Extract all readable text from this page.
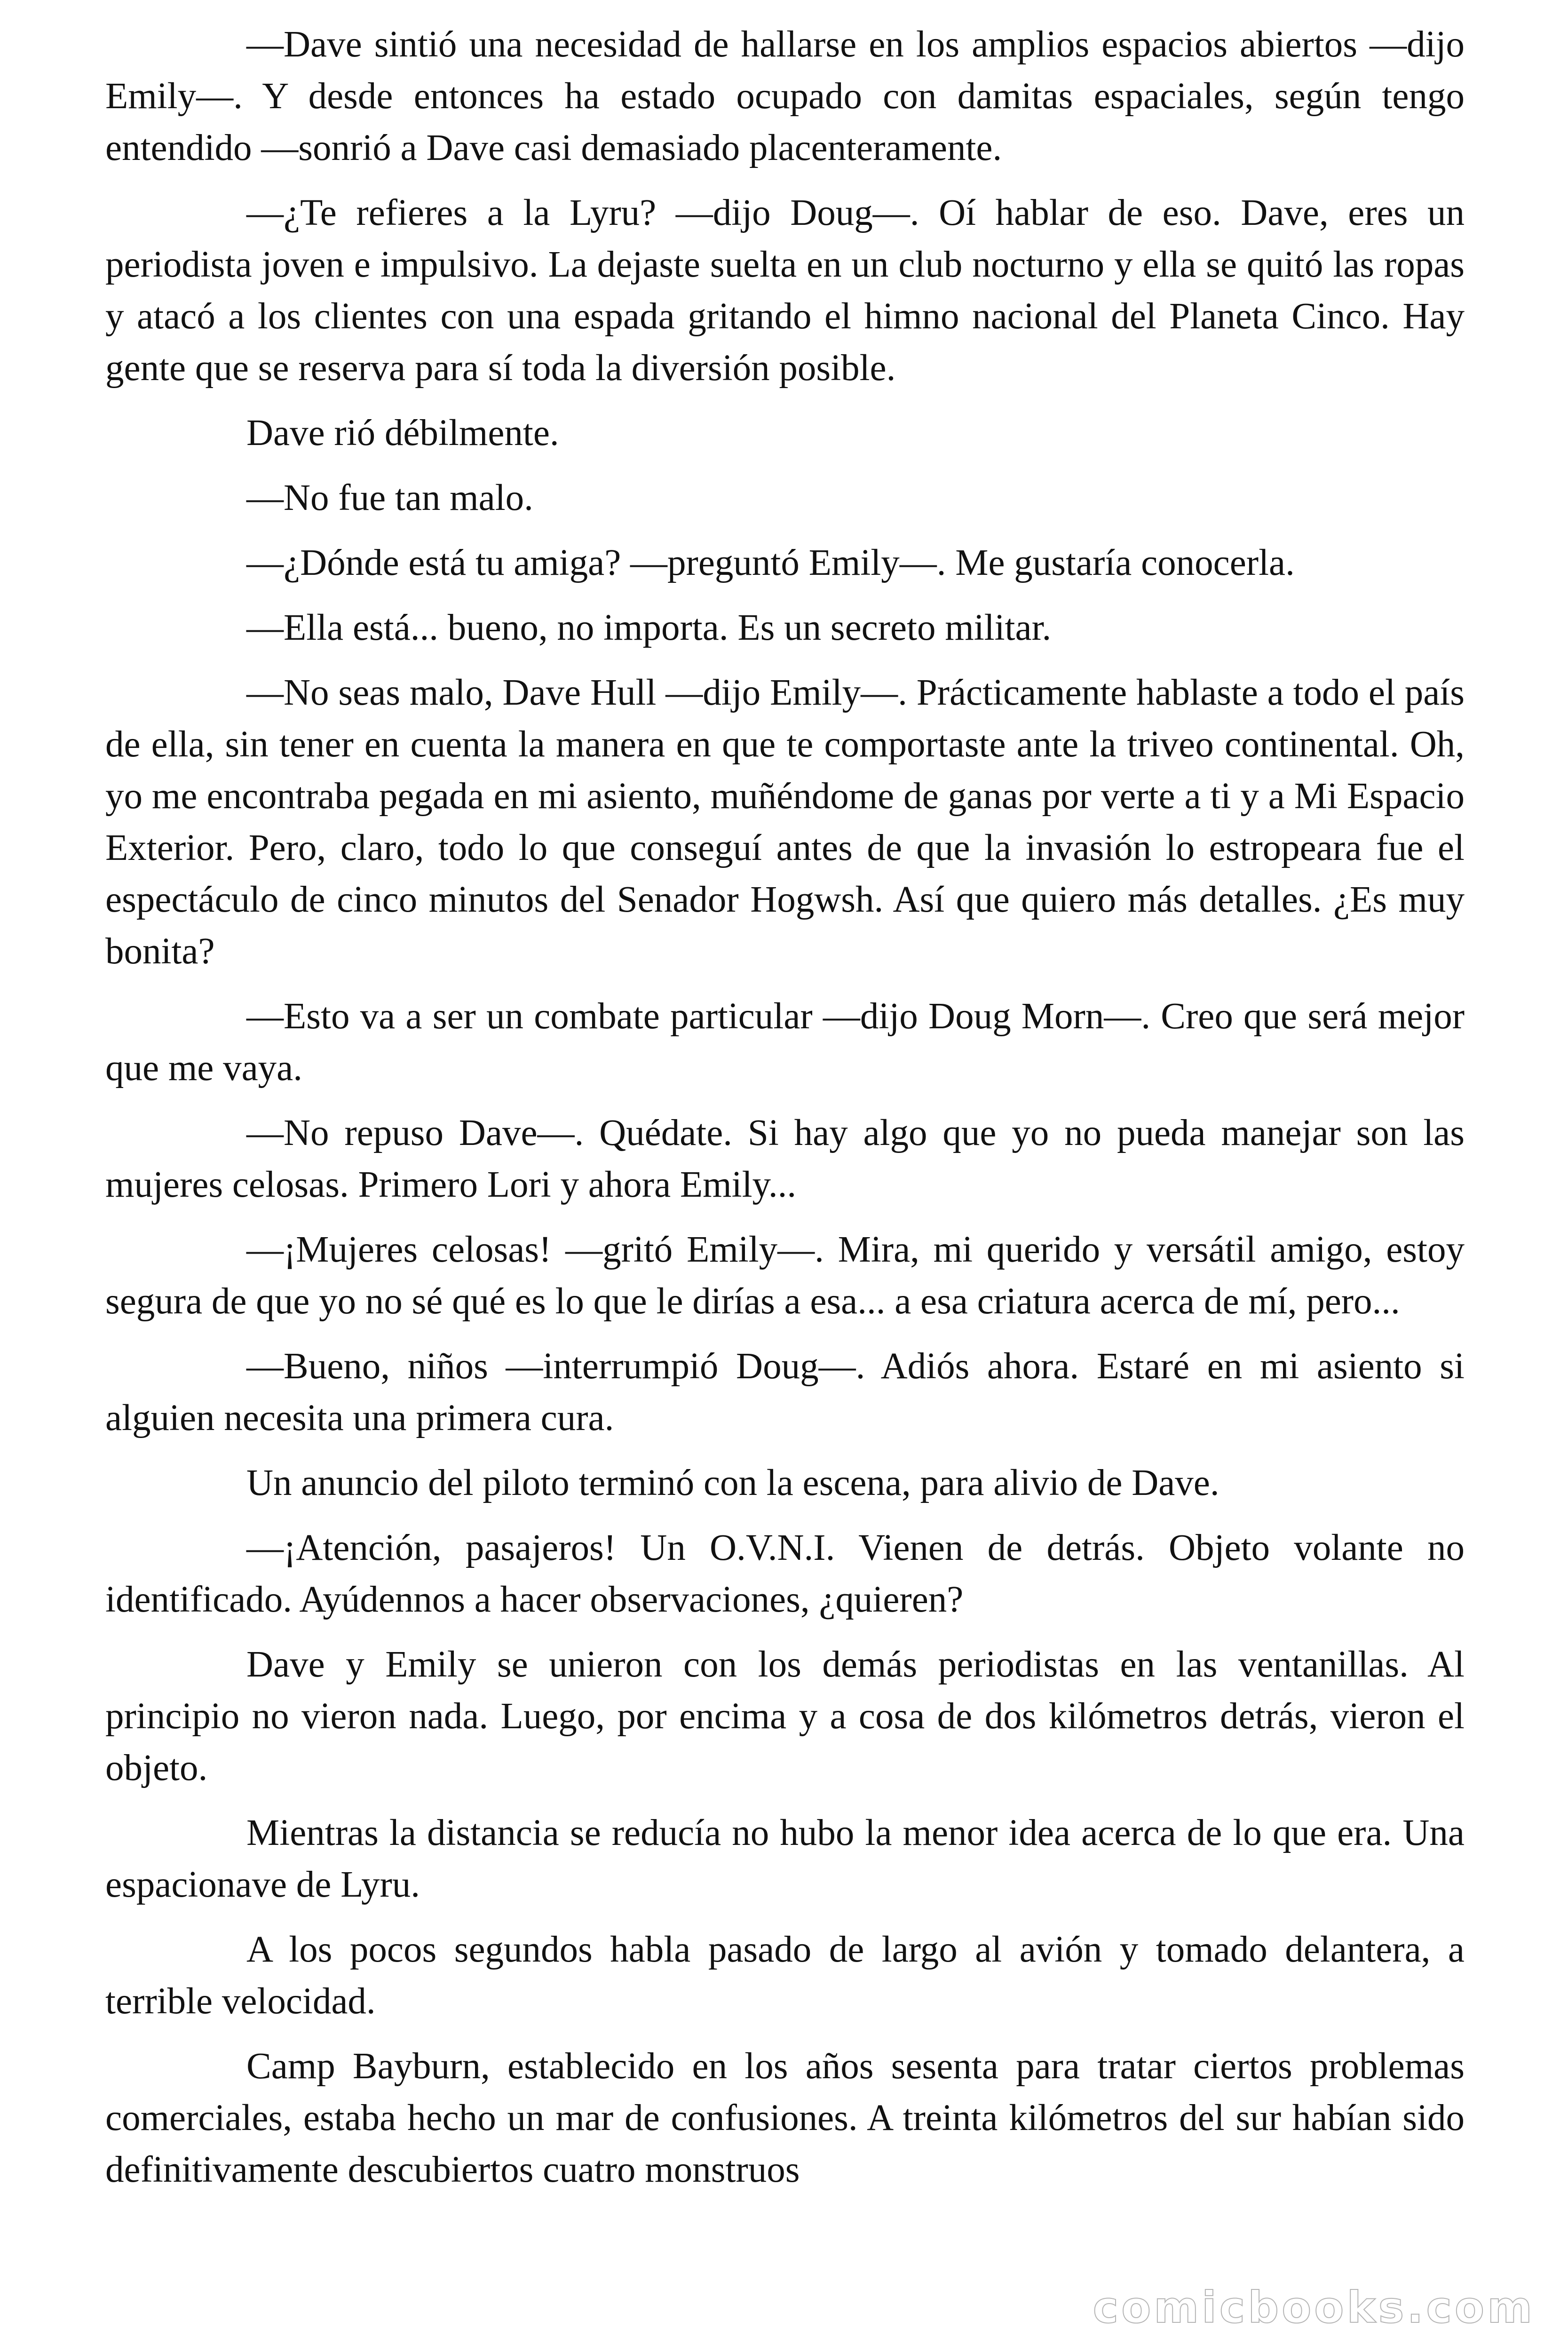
—Dave sintió una necesidad de hallarse en los amplios espacios abiertos —dijo Emily—. Y desde entonces ha estado ocupado con damitas espaciales, según tengo entendido —sonrió a Dave casi demasiado placenteramente.

—¿Te refieres a la Lyru? —dijo Doug—. Oí hablar de eso. Dave, eres un periodista joven e impulsivo. La dejaste suelta en un club nocturno y ella se quitó las ropas y atacó a los clientes con una espada gritando el himno nacional del Planeta Cinco. Hay gente que se reserva para sí toda la diversión posible.

Dave rió débilmente.

—No fue tan malo.

—¿Dónde está tu amiga? —preguntó Emily—. Me gustaría conocerla.

—Ella está... bueno, no importa. Es un secreto militar.

—No seas malo, Dave Hull —dijo Emily—. Prácticamente hablaste a todo el país de ella, sin tener en cuenta la manera en que te comportaste ante la triveo continental. Oh, yo me encontraba pegada en mi asiento, muñéndome de ganas por verte a ti y a Mi Espacio Exterior. Pero, claro, todo lo que conseguí antes de que la invasión lo estropeara fue el espectáculo de cinco minutos del Senador Hogwsh. Así que quiero más detalles. ¿Es muy bonita?

—Esto va a ser un combate particular —dijo Doug Morn—. Creo que será mejor que me vaya.

—No repuso Dave—. Quédate. Si hay algo que yo no pueda manejar son las mujeres celosas. Primero Lori y ahora Emily...

—¡Mujeres celosas! —gritó Emily—. Mira, mi querido y versátil amigo, estoy segura de que yo no sé qué es lo que le dirías a esa... a esa criatura acerca de mí, pero...

—Bueno, niños —interrumpió Doug—. Adiós ahora. Estaré en mi asiento si alguien necesita una primera cura.

Un anuncio del piloto terminó con la escena, para alivio de Dave.

—¡Atención, pasajeros! Un O.V.N.I. Vienen de detrás. Objeto volante no identificado. Ayúdennos a hacer observaciones, ¿quieren?

Dave y Emily se unieron con los demás periodistas en las ventanillas. Al principio no vieron nada. Luego, por encima y a cosa de dos kilómetros detrás, vieron el objeto.

Mientras la distancia se reducía no hubo la menor idea acerca de lo que era. Una espacionave de Lyru.

A los pocos segundos habla pasado de largo al avión y tomado delantera, a terrible velocidad.

Camp Bayburn, establecido en los años sesenta para tratar ciertos problemas comerciales, estaba hecho un mar de confusiones. A treinta kilómetros del sur habían sido definitivamente descubiertos cuatro monstruos

comicbooks.com
